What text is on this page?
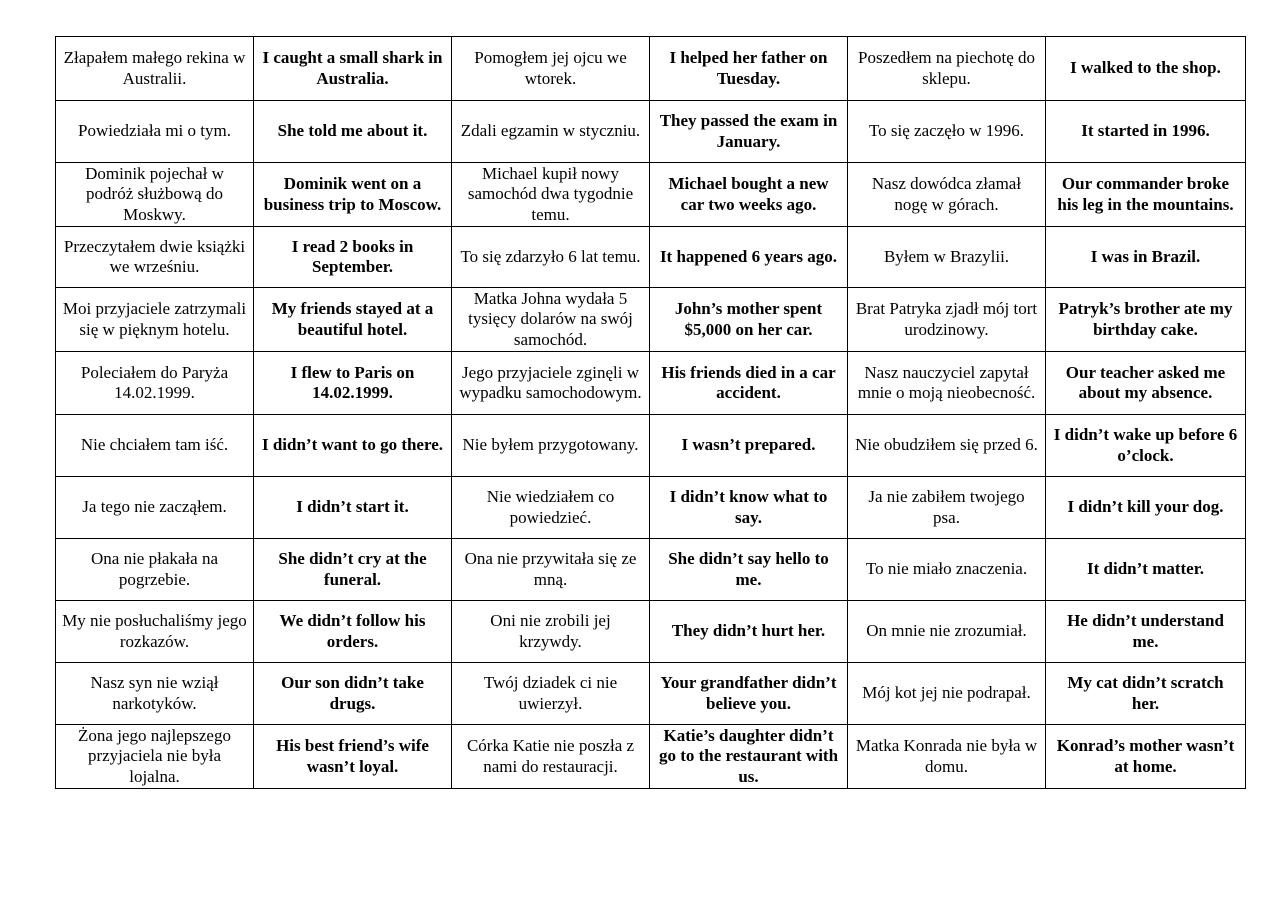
Złapałem małego rekina w Australii.	I caught a small shark in Australia.	Pomogłem jej ojcu we wtorek.	I helped her father on Tuesday.	Poszedłem na piechotę do sklepu.	I walked to the shop.
Powiedziała mi o tym.	She told me about it.	Zdali egzamin w styczniu.	They passed the exam in January.	To się zaczęło w 1996.	It started in 1996.
Dominik pojechał w podróż służbową do Moskwy.	Dominik went on a business trip to Moscow.	Michael kupił nowy samochód dwa tygodnie temu.	Michael bought a new car two weeks ago.	Nasz dowódca złamał nogę w górach.	Our commander broke his leg in the mountains.
Przeczytałem dwie książki we wrześniu.	I read 2 books in September.	To się zdarzyło 6 lat temu.	It happened 6 years ago.	Byłem w Brazylii.	I was in Brazil.
Moi przyjaciele zatrzymali się w pięknym hotelu.	My friends stayed at a beautiful hotel.	Matka Johna wydała 5 tysięcy dolarów na swój samochód.	John’s mother spent $5,000 on her car.	Brat Patryka zjadł mój tort urodzinowy.	Patryk’s brother ate my birthday cake.
Poleciałem do Paryża 14.02.1999.	I flew to Paris on 14.02.1999.	Jego przyjaciele zginęli w wypadku samochodowym.	His friends died in a car accident.	Nasz nauczyciel zapytał mnie o moją nieobecność.	Our teacher asked me about my absence.
Nie chciałem tam iść.	I didn’t want to go there.	Nie byłem przygotowany.	I wasn’t prepared.	Nie obudziłem się przed 6.	I didn’t wake up before 6 o’clock.
Ja tego nie zacząłem.	I didn’t start it.	Nie wiedziałem co powiedzieć.	I didn’t know what to say.	Ja nie zabiłem twojego psa.	I didn’t kill your dog.
Ona nie płakała na pogrzebie.	She didn’t cry at the funeral.	Ona nie przywitała się ze mną.	She didn’t say hello to me.	To nie miało znaczenia.	It didn’t matter.
My nie posłuchaliśmy jego rozkazów.	We didn’t follow his orders.	Oni nie zrobili jej krzywdy.	They didn’t hurt her.	On mnie nie zrozumiał.	He didn’t understand me.
Nasz syn nie wziął narkotyków.	Our son didn’t take drugs.	Twój dziadek ci nie uwierzył.	Your grandfather didn’t believe you.	Mój kot jej nie podrapał.	My cat didn’t scratch her.
Żona jego najlepszego przyjaciela nie była lojalna.	His best friend’s wife wasn’t loyal.	Córka Katie nie poszła z nami do restauracji.	Katie’s daughter didn’t go to the restaurant with us.	Matka Konrada nie była w domu.	Konrad’s mother wasn’t at home.
